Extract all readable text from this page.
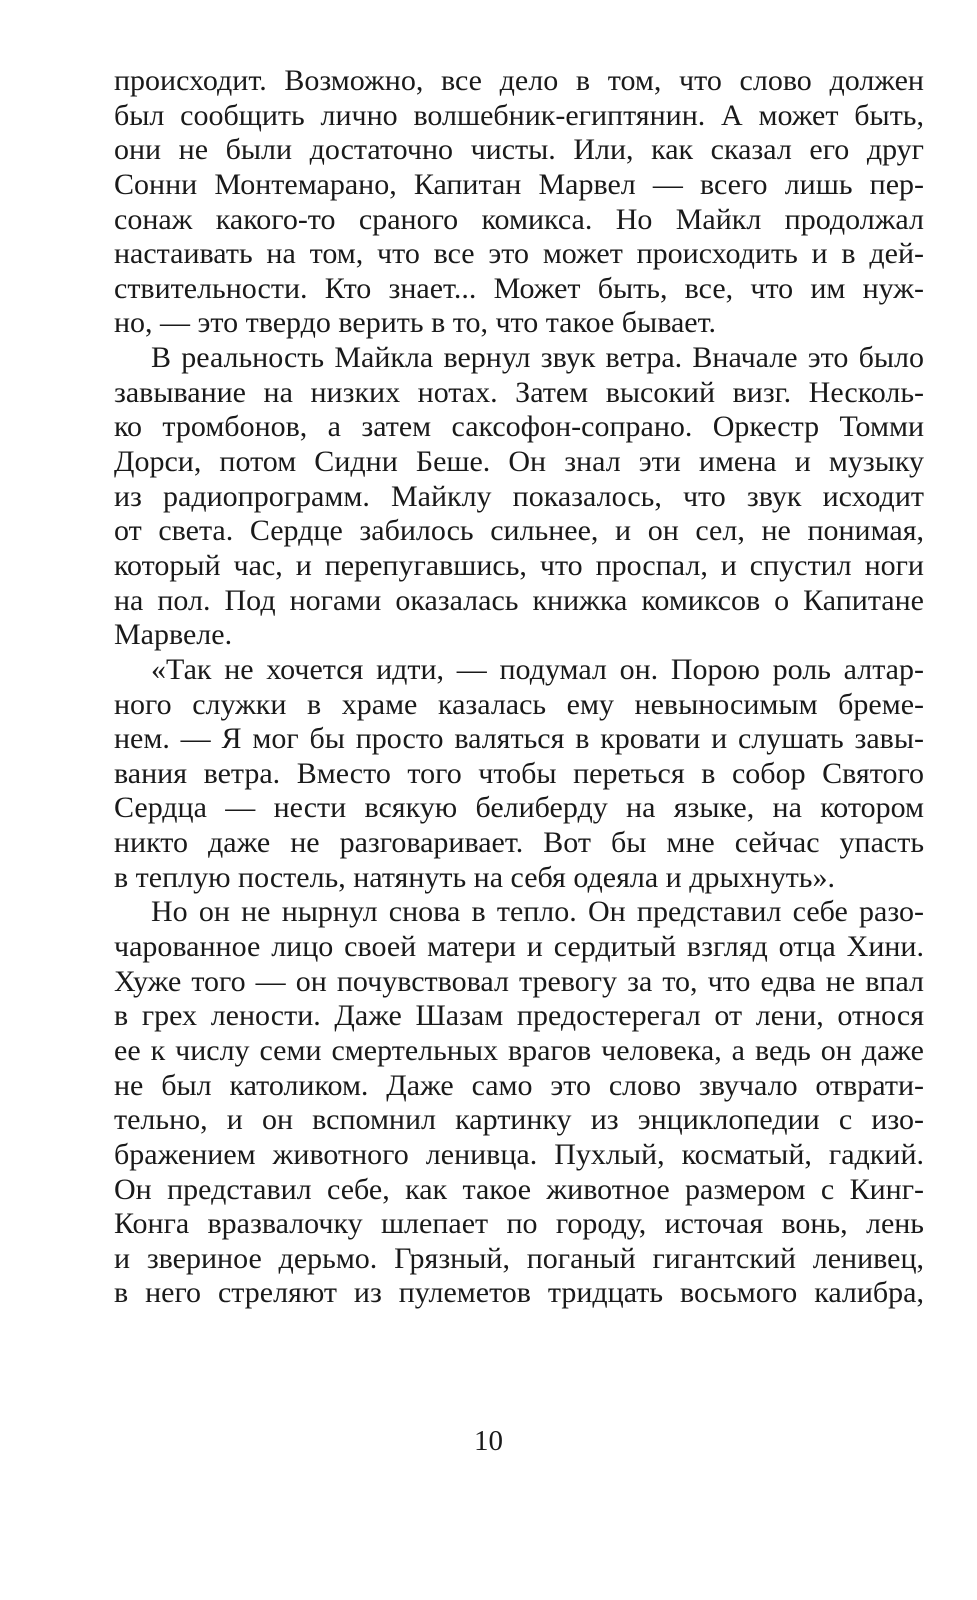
происходит. Возможно, все дело в том, что слово должен
был сообщить лично волшебник-египтянин. А может быть,
они не были достаточно чисты. Или, как сказал его друг
Сонни Монтемарано, Капитан Марвел — всего лишь пер-
сонаж какого-то сраного комикса. Но Майкл продолжал
настаивать на том, что все это может происходить и в дей-
ствительности. Кто знает... Может быть, все, что им нуж-
но, — это твердо верить в то, что такое бывает.
В реальность Майкла вернул звук ветра. Вначале это было
завывание на низких нотах. Затем высокий визг. Несколь-
ко тромбонов, а затем саксофон-сопрано. Оркестр Томми
Дорси, потом Сидни Беше. Он знал эти имена и музыку
из радиопрограмм. Майклу показалось, что звук исходит
от света. Сердце забилось сильнее, и он сел, не понимая,
который час, и перепугавшись, что проспал, и спустил ноги
на пол. Под ногами оказалась книжка комиксов о Капитане
Марвеле.
«Так не хочется идти, — подумал он. Порою роль алтар-
ного служки в храме казалась ему невыносимым бреме-
нем. — Я мог бы просто валяться в кровати и слушать завы-
вания ветра. Вместо того чтобы переться в собор Святого
Сердца — нести всякую белиберду на языке, на котором
никто даже не разговаривает. Вот бы мне сейчас упасть
в теплую постель, натянуть на себя одеяла и дрыхнуть».
Но он не нырнул снова в тепло. Он представил себе разо-
чарованное лицо своей матери и сердитый взгляд отца Хини.
Хуже того — он почувствовал тревогу за то, что едва не впал
в грех лености. Даже Шазам предостерегал от лени, относя
ее к числу семи смертельных врагов человека, а ведь он даже
не был католиком. Даже само это слово звучало отврати-
тельно, и он вспомнил картинку из энциклопедии с изо-
бражением животного ленивца. Пухлый, косматый, гадкий.
Он представил себе, как такое животное размером с Кинг-
Конга вразвалочку шлепает по городу, источая вонь, лень
и звериное дерьмо. Грязный, поганый гигантский ленивец,
в него стреляют из пулеметов тридцать восьмого калибра,
10
